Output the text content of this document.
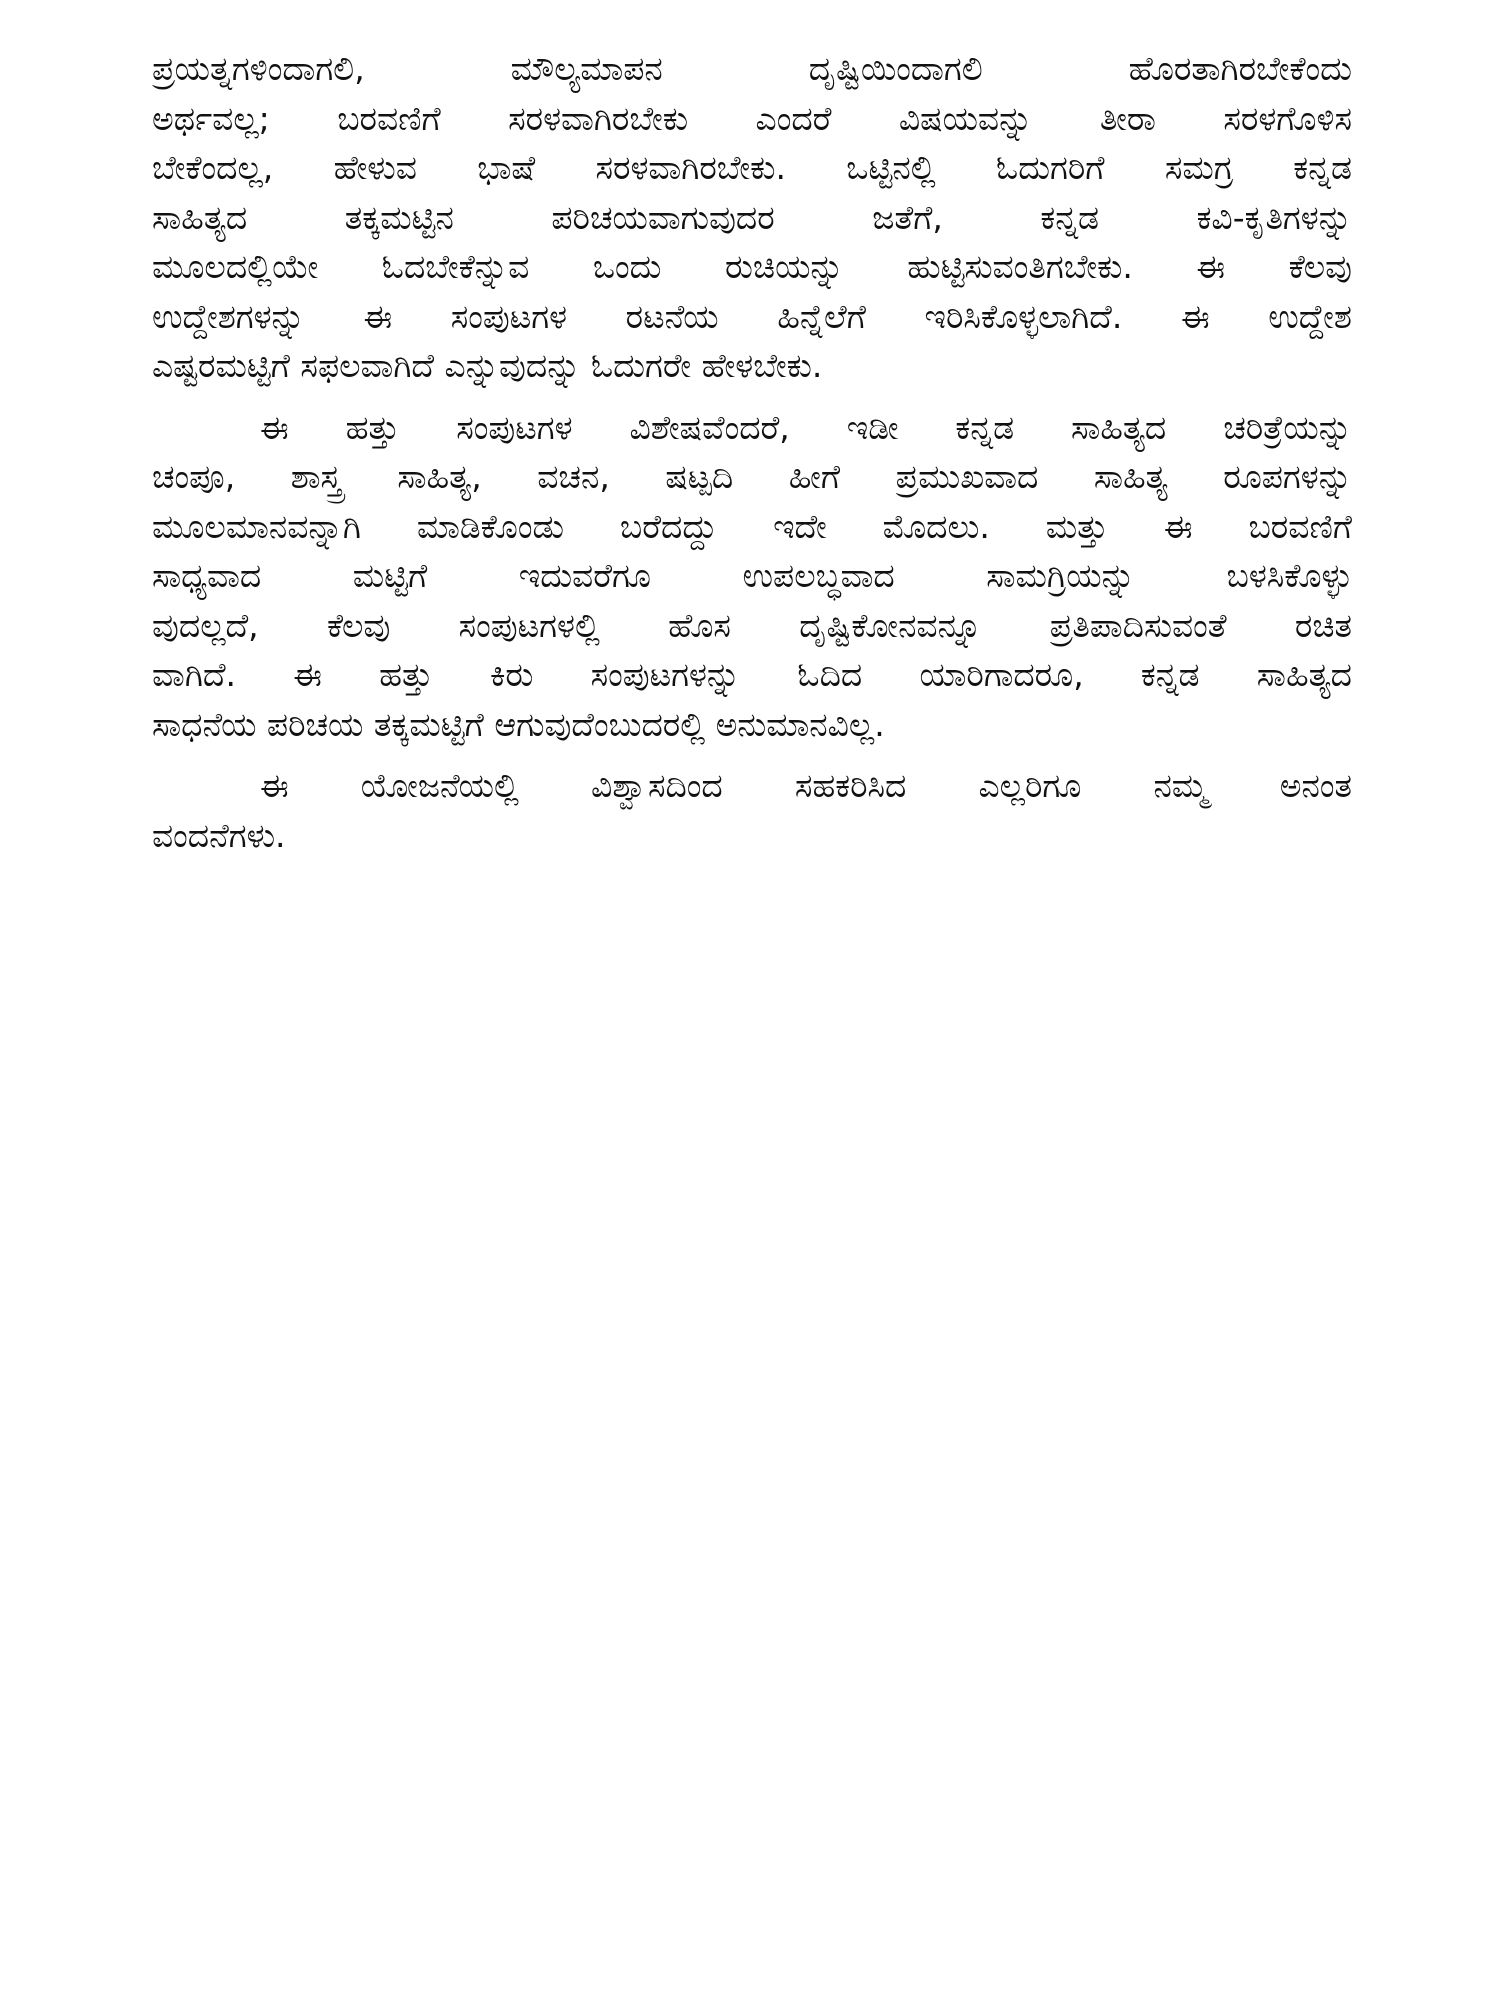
ಪ್ರಯತ್ನಗಳಿಂದಾಗಲಿ, ಮೌಲ್ಯಮಾಪನ ದೃಷ್ಟಿಯಿಂದಾಗಲಿ ಹೊರತಾಗಿರಬೇಕೆಂದು
ಅರ್ಥವಲ್ಲ; ಬರವಣಿಗೆ ಸರಳವಾಗಿರಬೇಕು ಎಂದರೆ ವಿಷಯವನ್ನು ತೀರಾ ಸರಳಗೊಳಿಸ
ಬೇಕೆಂದಲ್ಲ, ಹೇಳುವ ಭಾಷೆ ಸರಳವಾಗಿರಬೇಕು. ಒಟ್ಟಿನಲ್ಲಿ ಓದುಗರಿಗೆ ಸಮಗ್ರ ಕನ್ನಡ
ಸಾಹಿತ್ಯದ ತಕ್ಕಮಟ್ಟಿನ ಪರಿಚಯವಾಗುವುದರ ಜತೆಗೆ, ಕನ್ನಡ ಕವಿ-ಕೃತಿಗಳನ್ನು
ಮೂಲದಲ್ಲಿಯೇ ಓದಬೇಕೆನ್ನುವ ಒಂದು ರುಚಿಯನ್ನು ಹುಟ್ಟಿಸುವಂತಿಗಬೇಕು. ಈ ಕೆಲವು
ಉದ್ದೇಶಗಳನ್ನು ಈ ಸಂಪುಟಗಳ ರಟನೆಯ ಹಿನ್ನೆಲೆಗೆ ಇರಿಸಿಕೊಳ್ಳಲಾಗಿದೆ. ಈ ಉದ್ದೇಶ
ಎಷ್ಟರಮಟ್ಟಿಗೆ ಸಫಲವಾಗಿದೆ ಎನ್ನುವುದನ್ನು ಓದುಗರೇ ಹೇಳಬೇಕು.
ಈ ಹತ್ತು ಸಂಪುಟಗಳ ವಿಶೇಷವೆಂದರೆ, ಇಡೀ ಕನ್ನಡ ಸಾಹಿತ್ಯದ ಚರಿತ್ರೆಯನ್ನು
ಚಂಪೂ, ಶಾಸ್ತ್ರ ಸಾಹಿತ್ಯ, ವಚನ, ಷಟ್ಪದಿ ಹೀಗೆ ಪ್ರಮುಖವಾದ ಸಾಹಿತ್ಯ ರೂಪಗಳನ್ನು
ಮೂಲಮಾನವನ್ನಾಗಿ ಮಾಡಿಕೊಂಡು ಬರೆದದ್ದು ಇದೇ ಮೊದಲು. ಮತ್ತು ಈ ಬರವಣಿಗೆ
ಸಾಧ್ಯವಾದ ಮಟ್ಟಿಗೆ ಇದುವರೆಗೂ ಉಪಲಬ್ಧವಾದ ಸಾಮಗ್ರಿಯನ್ನು ಬಳಸಿಕೊಳ್ಳು
ವುದಲ್ಲದೆ, ಕೆಲವು ಸಂಪುಟಗಳಲ್ಲಿ ಹೊಸ ದೃಷ್ಟಿಕೋನವನ್ನೂ ಪ್ರತಿಪಾದಿಸುವಂತೆ ರಚಿತ
ವಾಗಿದೆ. ಈ ಹತ್ತು ಕಿರು ಸಂಪುಟಗಳನ್ನು ಓದಿದ ಯಾರಿಗಾದರೂ, ಕನ್ನಡ ಸಾಹಿತ್ಯದ
ಸಾಧನೆಯ ಪರಿಚಯ ತಕ್ಕಮಟ್ಟಿಗೆ ಆಗುವುದೆಂಬುದರಲ್ಲಿ ಅನುಮಾನವಿಲ್ಲ.
ಈ ಯೋಜನೆಯಲ್ಲಿ ವಿಶ್ವಾಸದಿಂದ ಸಹಕರಿಸಿದ ಎಲ್ಲರಿಗೂ ನಮ್ಮ ಅನಂತ
ವಂದನೆಗಳು.
